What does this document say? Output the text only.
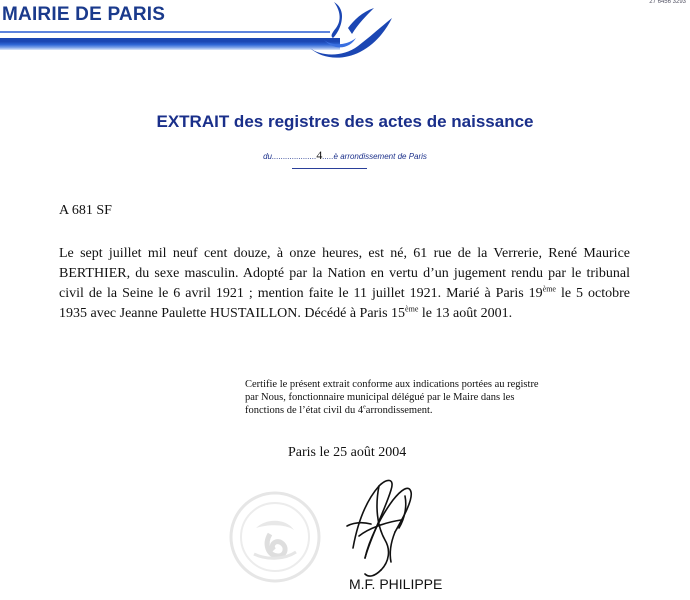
MAIRIE DE PARIS
27 6456 3293
EXTRAIT des registres des actes de naissance
du....................4.....è arrondissement de Paris
A 681 SF
Le sept juillet mil neuf cent douze, à onze heures, est né, 61 rue de la Verrerie, René Maurice BERTHIER, du sexe masculin. Adopté par la Nation en vertu d’un jugement rendu par le tribunal civil de la Seine le 6 avril 1921 ; mention faite le 11 juillet 1921. Marié à Paris 19ème le 5 octobre 1935 avec Jeanne Paulette HUSTAILLON. Décédé à Paris 15ème le 13 août 2001.
Certifie le présent extrait conforme aux indications portées au registre par Nous, fonctionnaire municipal délégué par le Maire dans les fonctions de l’état civil du 4earrondissement.
Paris le 25 août 2004
M.F. PHILIPPE
